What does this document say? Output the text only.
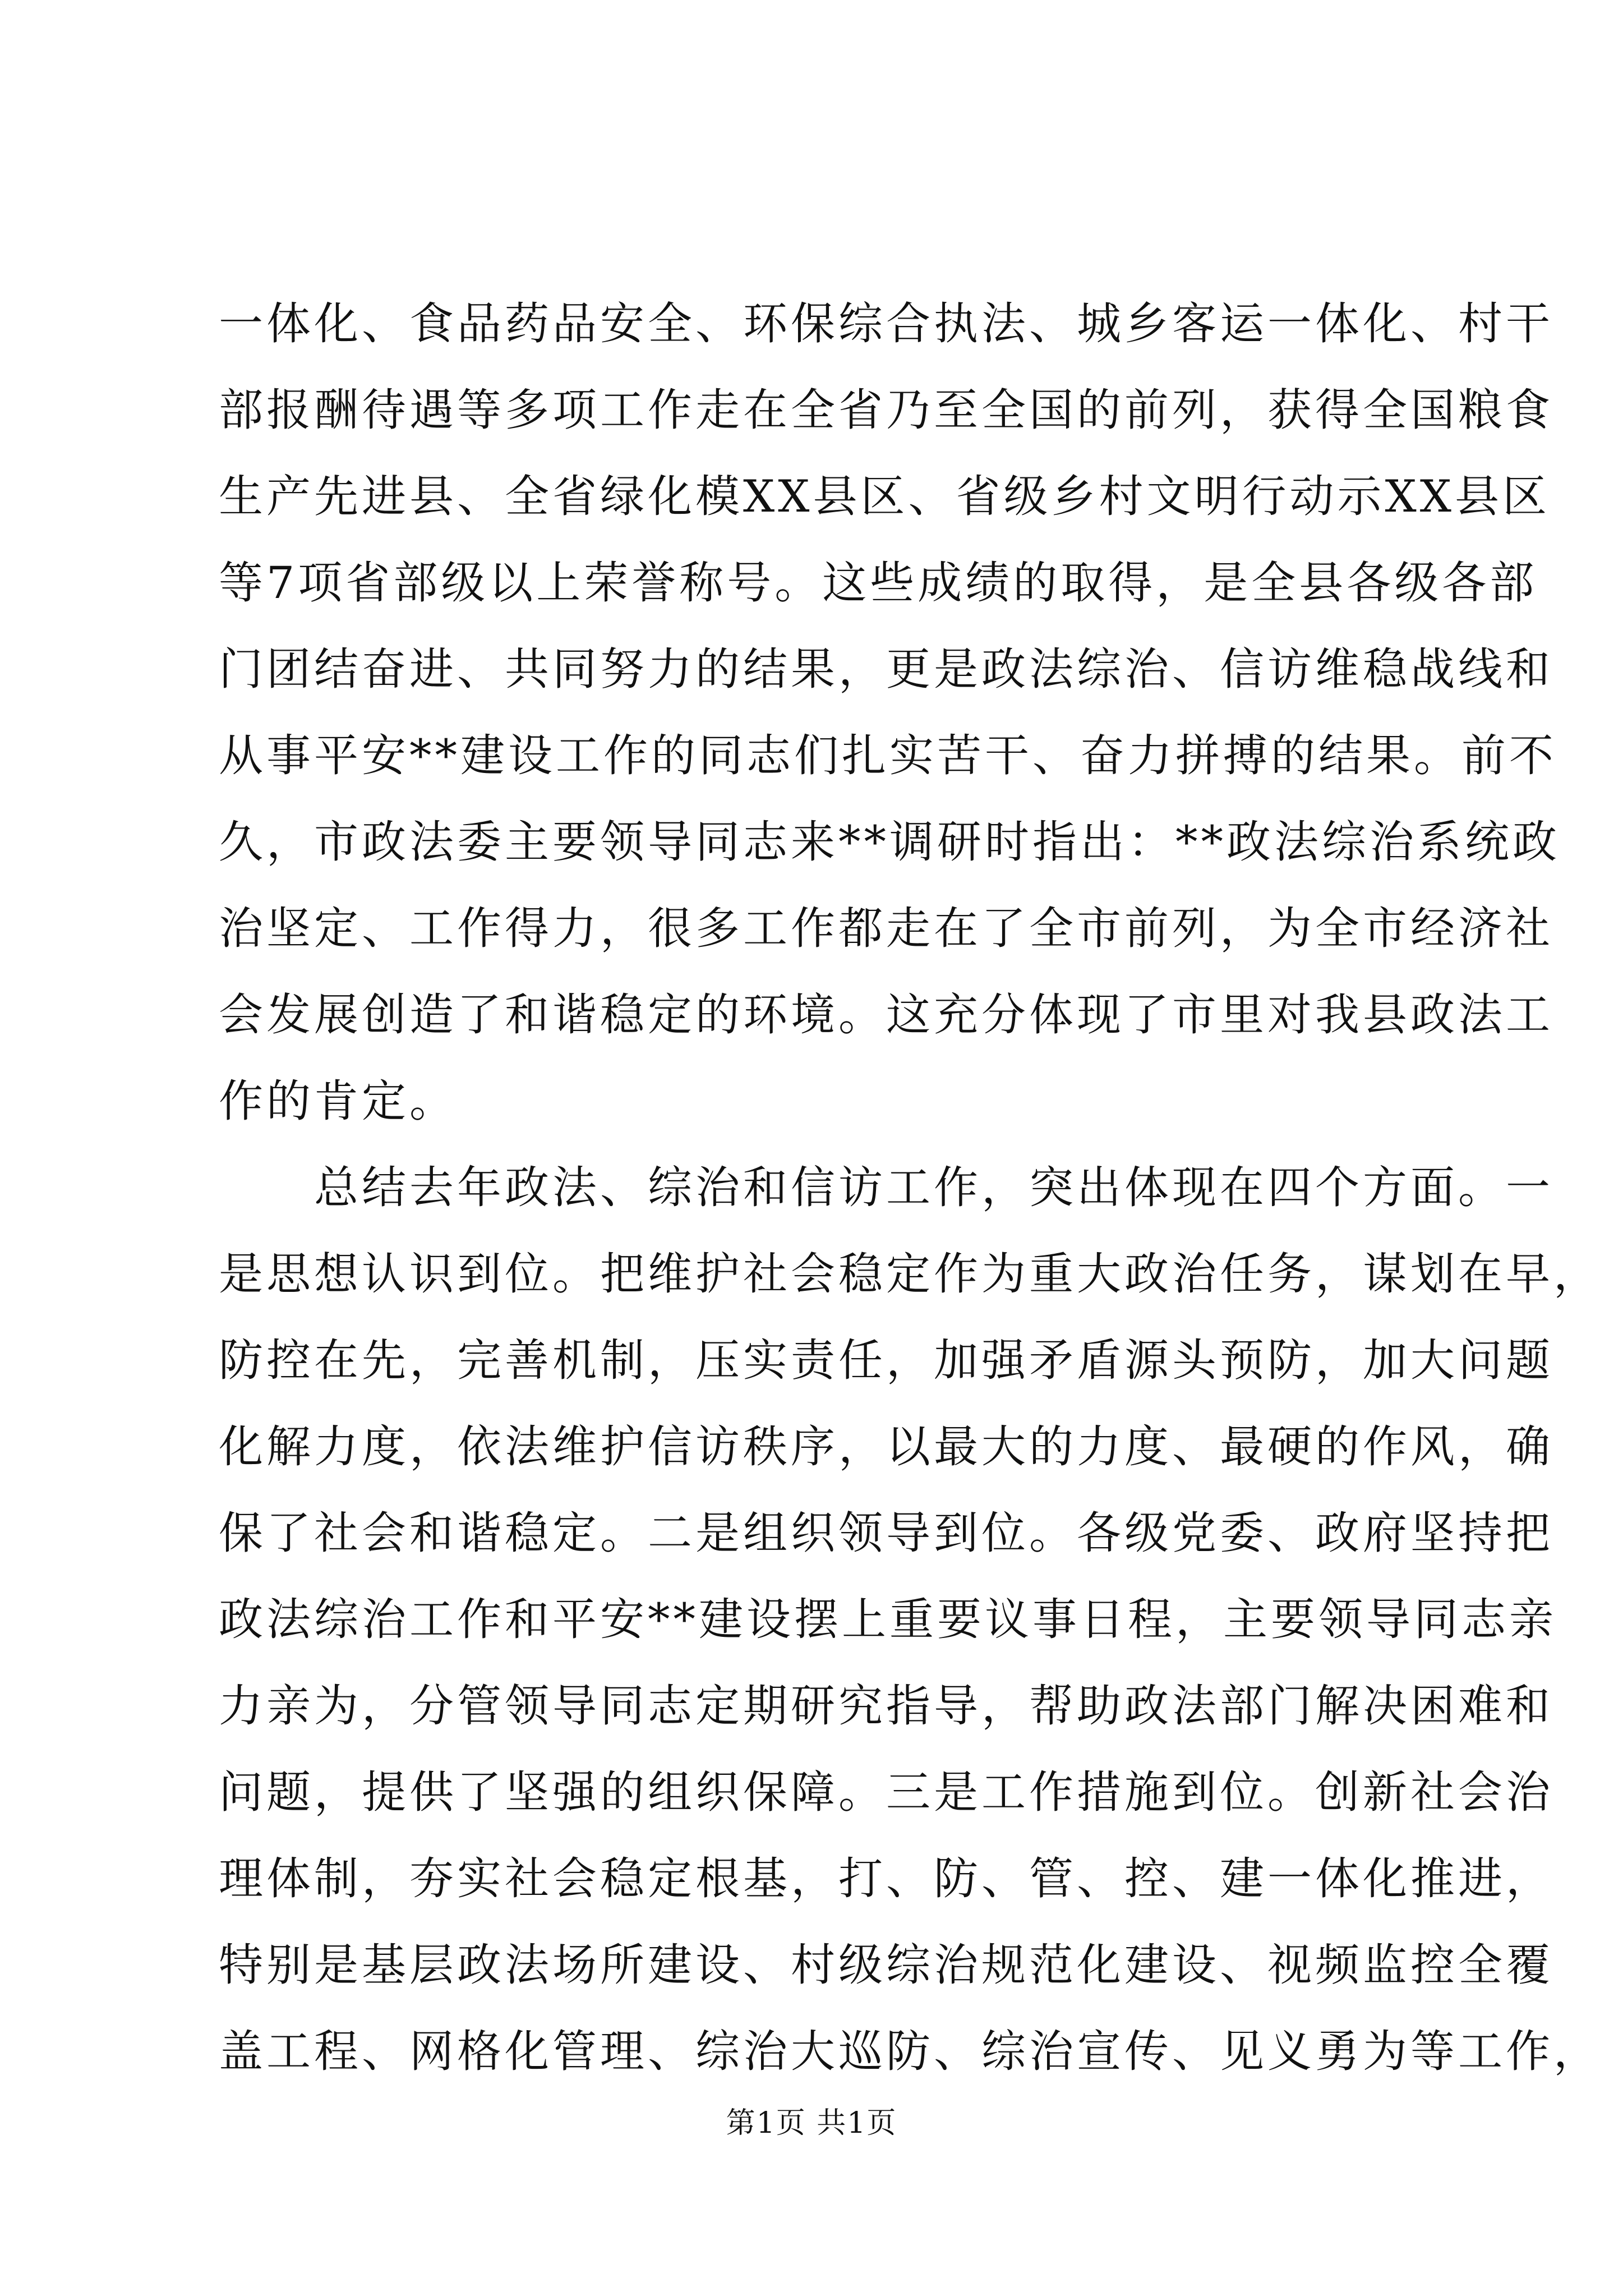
一体化、食品药品安全、环保综合执法、城乡客运一体化、村干
部报酬待遇等多项工作走在全省乃至全国的前列，获得全国粮食
生产先进县、全省绿化模XX县区、省级乡村文明行动示XX县区
等7项省部级以上荣誉称号。这些成绩的取得，是全县各级各部
门团结奋进、共同努力的结果，更是政法综治、信访维稳战线和
从事平安**建设工作的同志们扎实苦干、奋力拼搏的结果。前不
久，市政法委主要领导同志来**调研时指出：**政法综治系统政
治坚定、工作得力，很多工作都走在了全市前列，为全市经济社
会发展创造了和谐稳定的环境。这充分体现了市里对我县政法工
作的肯定。
总结去年政法、综治和信访工作，突出体现在四个方面。一
是思想认识到位。把维护社会稳定作为重大政治任务，谋划在早，
防控在先，完善机制，压实责任，加强矛盾源头预防，加大问题
化解力度，依法维护信访秩序，以最大的力度、最硬的作风，确
保了社会和谐稳定。二是组织领导到位。各级党委、政府坚持把
政法综治工作和平安**建设摆上重要议事日程，主要领导同志亲
力亲为，分管领导同志定期研究指导，帮助政法部门解决困难和
问题，提供了坚强的组织保障。三是工作措施到位。创新社会治
理体制，夯实社会稳定根基，打、防、管、控、建一体化推进，
特别是基层政法场所建设、村级综治规范化建设、视频监控全覆
盖工程、网格化管理、综治大巡防、综治宣传、见义勇为等工作，
第1页 共1页
